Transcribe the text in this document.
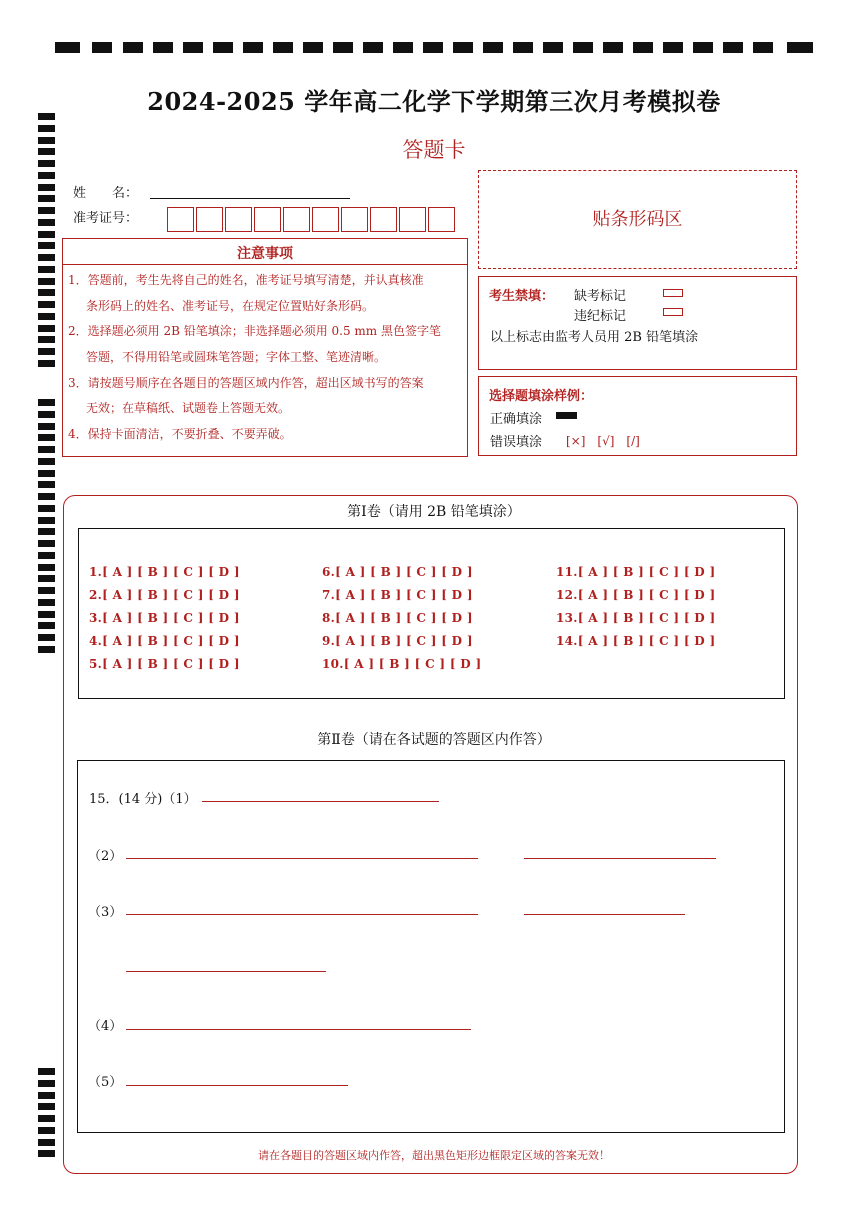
2024-2025 学年高二化学下学期第三次月考模拟卷
答题卡
姓　　名：
准考证号：	贴条形码区
注意事项
1．答题前，考生先将自己的姓名，准考证号填写清楚，并认真核准
条形码上的姓名、准考证号，在规定位置贴好条形码。
2．选择题必须用 2B 铅笔填涂；非选择题必须用 0.5 mm 黑色签字笔
答题，不得用铅笔或圆珠笔答题；字体工整、笔迹清晰。
3．请按题号顺序在各题目的答题区域内作答，超出区域书写的答案
无效；在草稿纸、试题卷上答题无效。
4．保持卡面清洁，不要折叠、不要弄破。
考生禁填： 缺考标记
违纪标记
以上标志由监考人员用 2B 铅笔填涂
选择题填涂样例：
正确填涂
错误填涂 [×]　[√]　[/]
第Ⅰ卷（请用 2B 铅笔填涂）
1.[ A ] [ B ] [ C ] [ D ]
2.[ A ] [ B ] [ C ] [ D ]
3.[ A ] [ B ] [ C ] [ D ]
4.[ A ] [ B ] [ C ] [ D ]
5.[ A ] [ B ] [ C ] [ D ]
6.[ A ] [ B ] [ C ] [ D ]
7.[ A ] [ B ] [ C ] [ D ]
8.[ A ] [ B ] [ C ] [ D ]
9.[ A ] [ B ] [ C ] [ D ]
10.[ A ] [ B ] [ C ] [ D ]
11.[ A ] [ B ] [ C ] [ D ]
12.[ A ] [ B ] [ C ] [ D ]
13.[ A ] [ B ] [ C ] [ D ]
14.[ A ] [ B ] [ C ] [ D ]
第Ⅱ卷（请在各试题的答题区内作答）
15．(14 分)（1）
（2）
（3）
（4）
（5）
请在各题目的答题区域内作答，超出黑色矩形边框限定区域的答案无效！
